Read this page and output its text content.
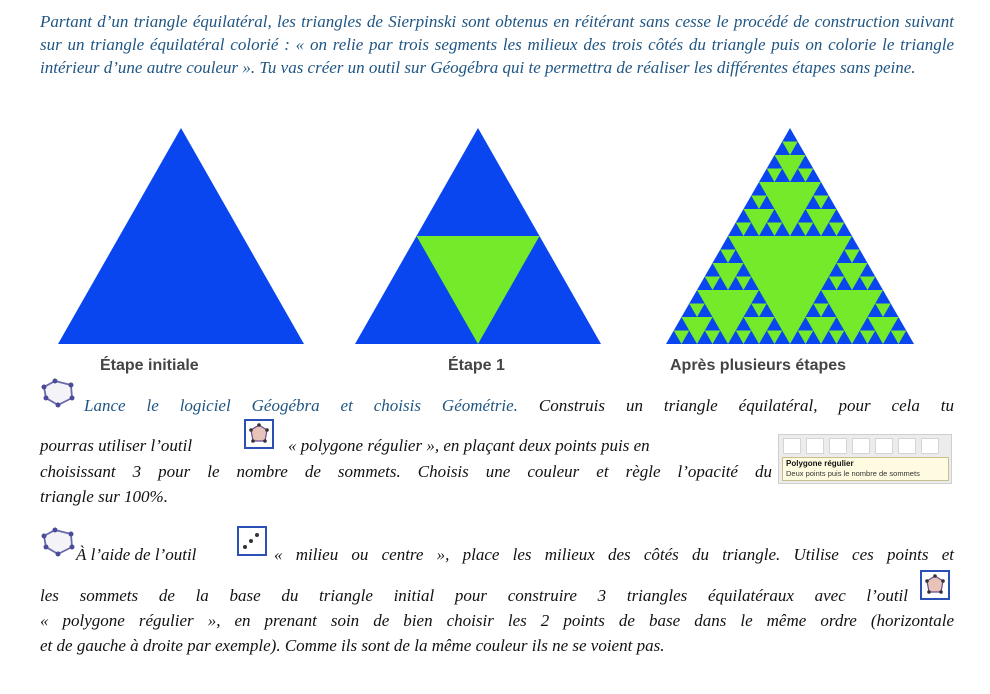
Partant d’un triangle équilatéral, les triangles de Sierpinski sont obtenus en réitérant sans cesse le procédé de construction suivant sur un triangle équilatéral colorié : « on relie par trois segments les milieux des trois côtés du triangle puis on colorie le triangle intérieur d’une autre couleur ». Tu vas créer un outil sur Géogébra qui te permettra de réaliser les différentes étapes sans peine.

Étape initiale	Étape 1	Après plusieurs étapes

Lance le logiciel Géogébra et choisis Géométrie. Construis un triangle équilatéral, pour cela tu

pourras utiliser l’outil	« polygone régulier », en plaçant deux points puis en

Polygone régulier
Deux points puis le nombre de sommets

choisissant 3 pour le nombre de sommets. Choisis une couleur et règle l’opacité du

triangle sur 100%.

À l’aide de l’outil	« milieu ou centre », place les milieux des côtés du triangle. Utilise ces points et

les sommets de la base du triangle initial pour construire 3 triangles équilatéraux avec l’outil

« polygone régulier », en prenant soin de bien choisir les 2 points de base dans le même ordre (horizontale

et de gauche à droite par exemple). Comme ils sont de la même couleur ils ne se voient pas.
